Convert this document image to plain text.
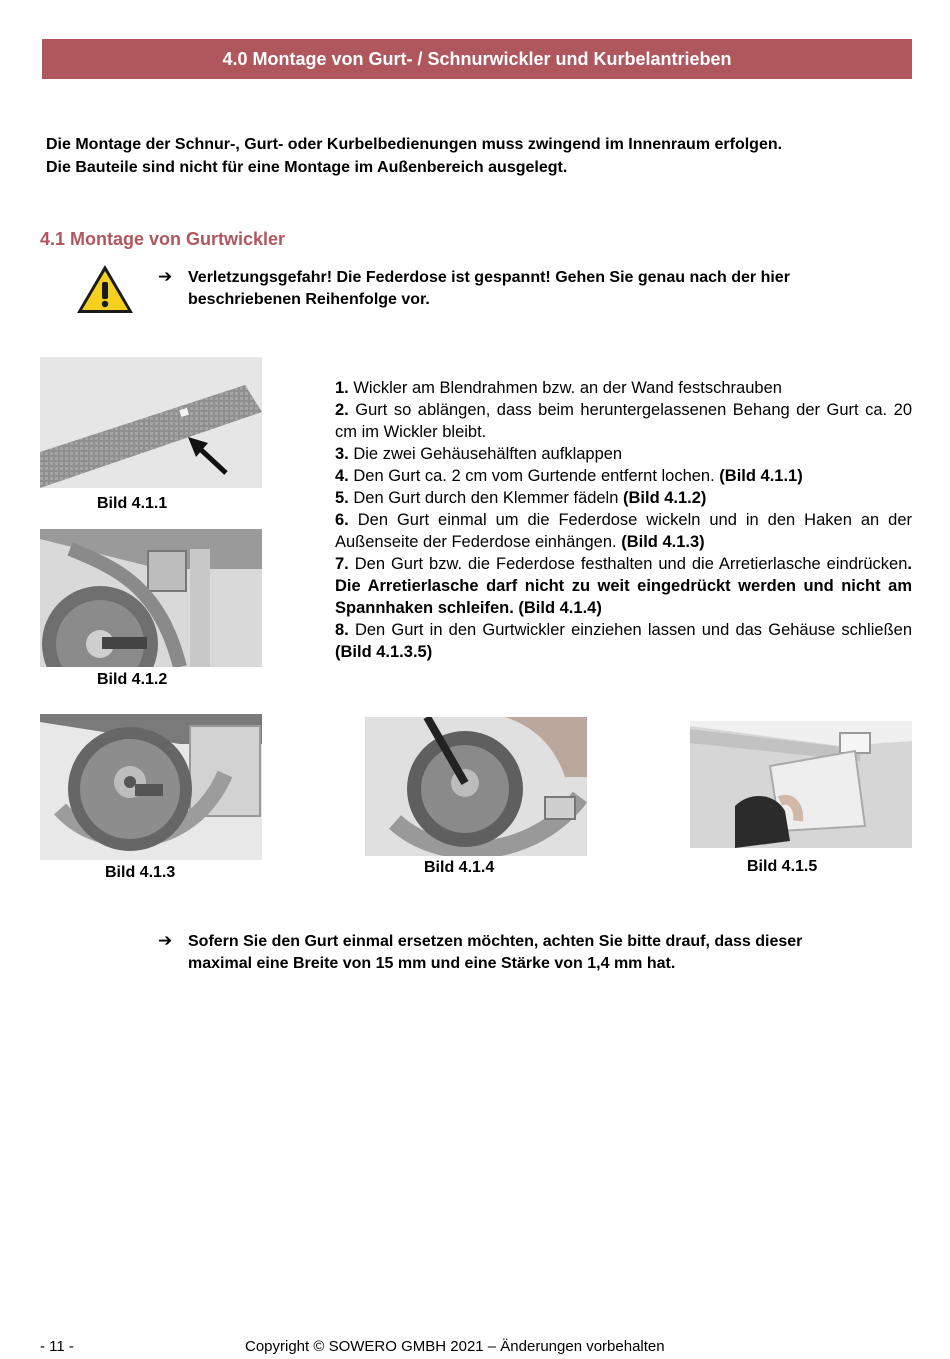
4.0 Montage von Gurt- / Schnurwickler und Kurbelantrieben
Die Montage der Schnur-, Gurt- oder Kurbelbedienungen muss zwingend im Innenraum erfolgen.
Die Bauteile sind nicht für eine Montage im Außenbereich ausgelegt.
4.1 Montage von Gurtwickler
➔ Verletzungsgefahr! Die Federdose ist gespannt! Gehen Sie genau nach der hier
beschriebenen Reihenfolge vor.
Bild 4.1.1
Bild 4.1.2

1. Wickler am Blendrahmen bzw. an der Wand festschrauben

2. Gurt so ablängen, dass beim heruntergelassenen Behang der Gurt ca. 20 cm im Wickler bleibt.

3. Die zwei Gehäusehälften aufklappen

4. Den Gurt ca. 2 cm vom Gurtende entfernt lochen. (Bild 4.1.1)

5. Den Gurt durch den Klemmer fädeln (Bild 4.1.2)

6. Den Gurt einmal um die Federdose wickeln und in den Haken an der Außenseite der Federdose einhängen. (Bild 4.1.3)

7. Den Gurt bzw. die Federdose festhalten und die Arretierlasche eindrücken. Die Arretierlasche darf nicht zu weit eingedrückt werden und nicht am Spannhaken schleifen. (Bild 4.1.4)

8. Den Gurt in den Gurtwickler einziehen lassen und das Gehäuse schließen (Bild 4.1.3.5)

Bild 4.1.3	Bild 4.1.4	Bild 4.1.5
➔ Sofern Sie den Gurt einmal ersetzen möchten, achten Sie bitte drauf, dass dieser
maximal eine Breite von 15 mm und eine Stärke von 1,4 mm hat.
- 11 -	Copyright © SOWERO GMBH 2021 – Änderungen vorbehalten
